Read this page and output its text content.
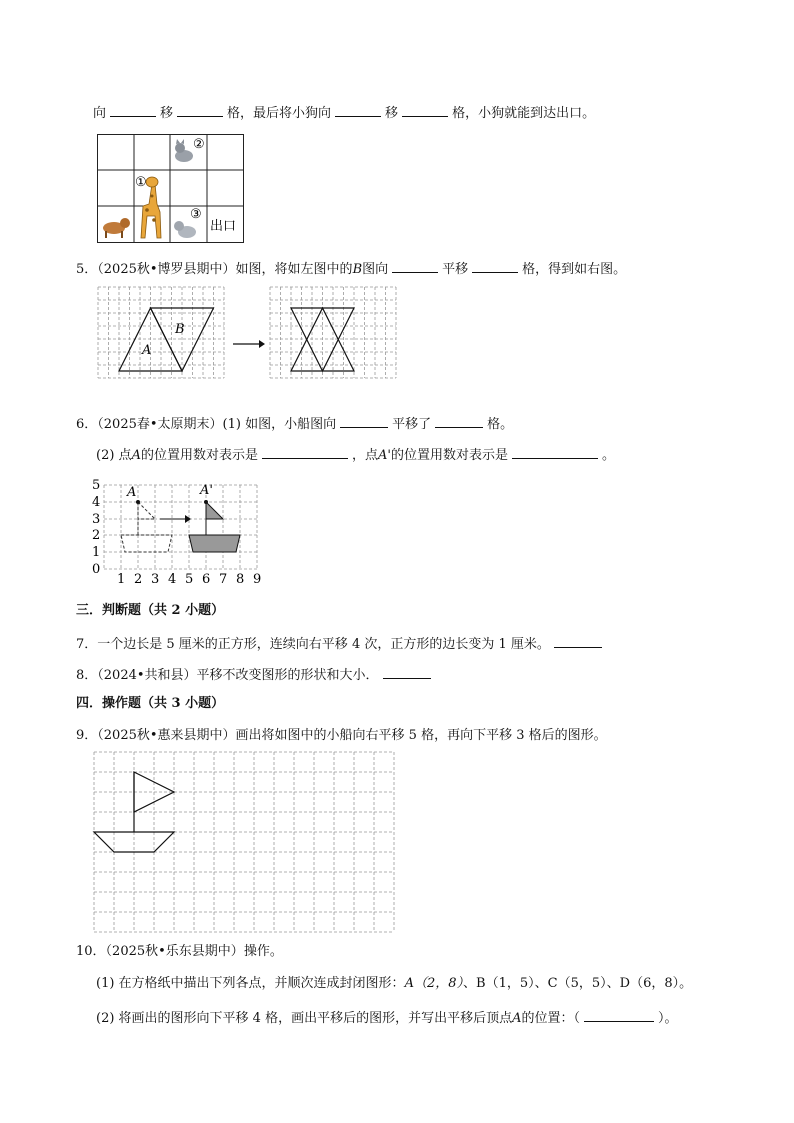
向	移	格，最后将小狗向	移	格，小狗就能到达出口。
②
①
③
出口
5．（2025秋•博罗县期中）如图，将如左图中的B图向	平移	格，得到如右图。
A
B
6．（2025春•太原期末）(1) 如图，小船图向	平移了	格。
(2) 点A的位置用数对表示是	，点A'的位置用数对表示是	。
5
4
3
2
1
0
1 2 3 4 5 6 7 8 9
A	A'
三．判断题（共 2 小题）
7．一个边长是 5 厘米的正方形，连续向右平移 4 次，正方形的边长变为 1 厘米。
8．（2024•共和县）平移不改变图形的形状和大小．
四．操作题（共 3 小题）
9．（2025秋•惠来县期中）画出将如图中的小船向右平移 5 格，再向下平移 3 格后的图形。
10．（2025秋•乐东县期中）操作。
(1) 在方格纸中描出下列各点，并顺次连成封闭图形：A（2，8）、B（1，5）、C（5，5）、D（6，8）。
(2) 将画出的图形向下平移 4 格，画出平移后的图形，并写出平移后顶点A的位置：（	）。
